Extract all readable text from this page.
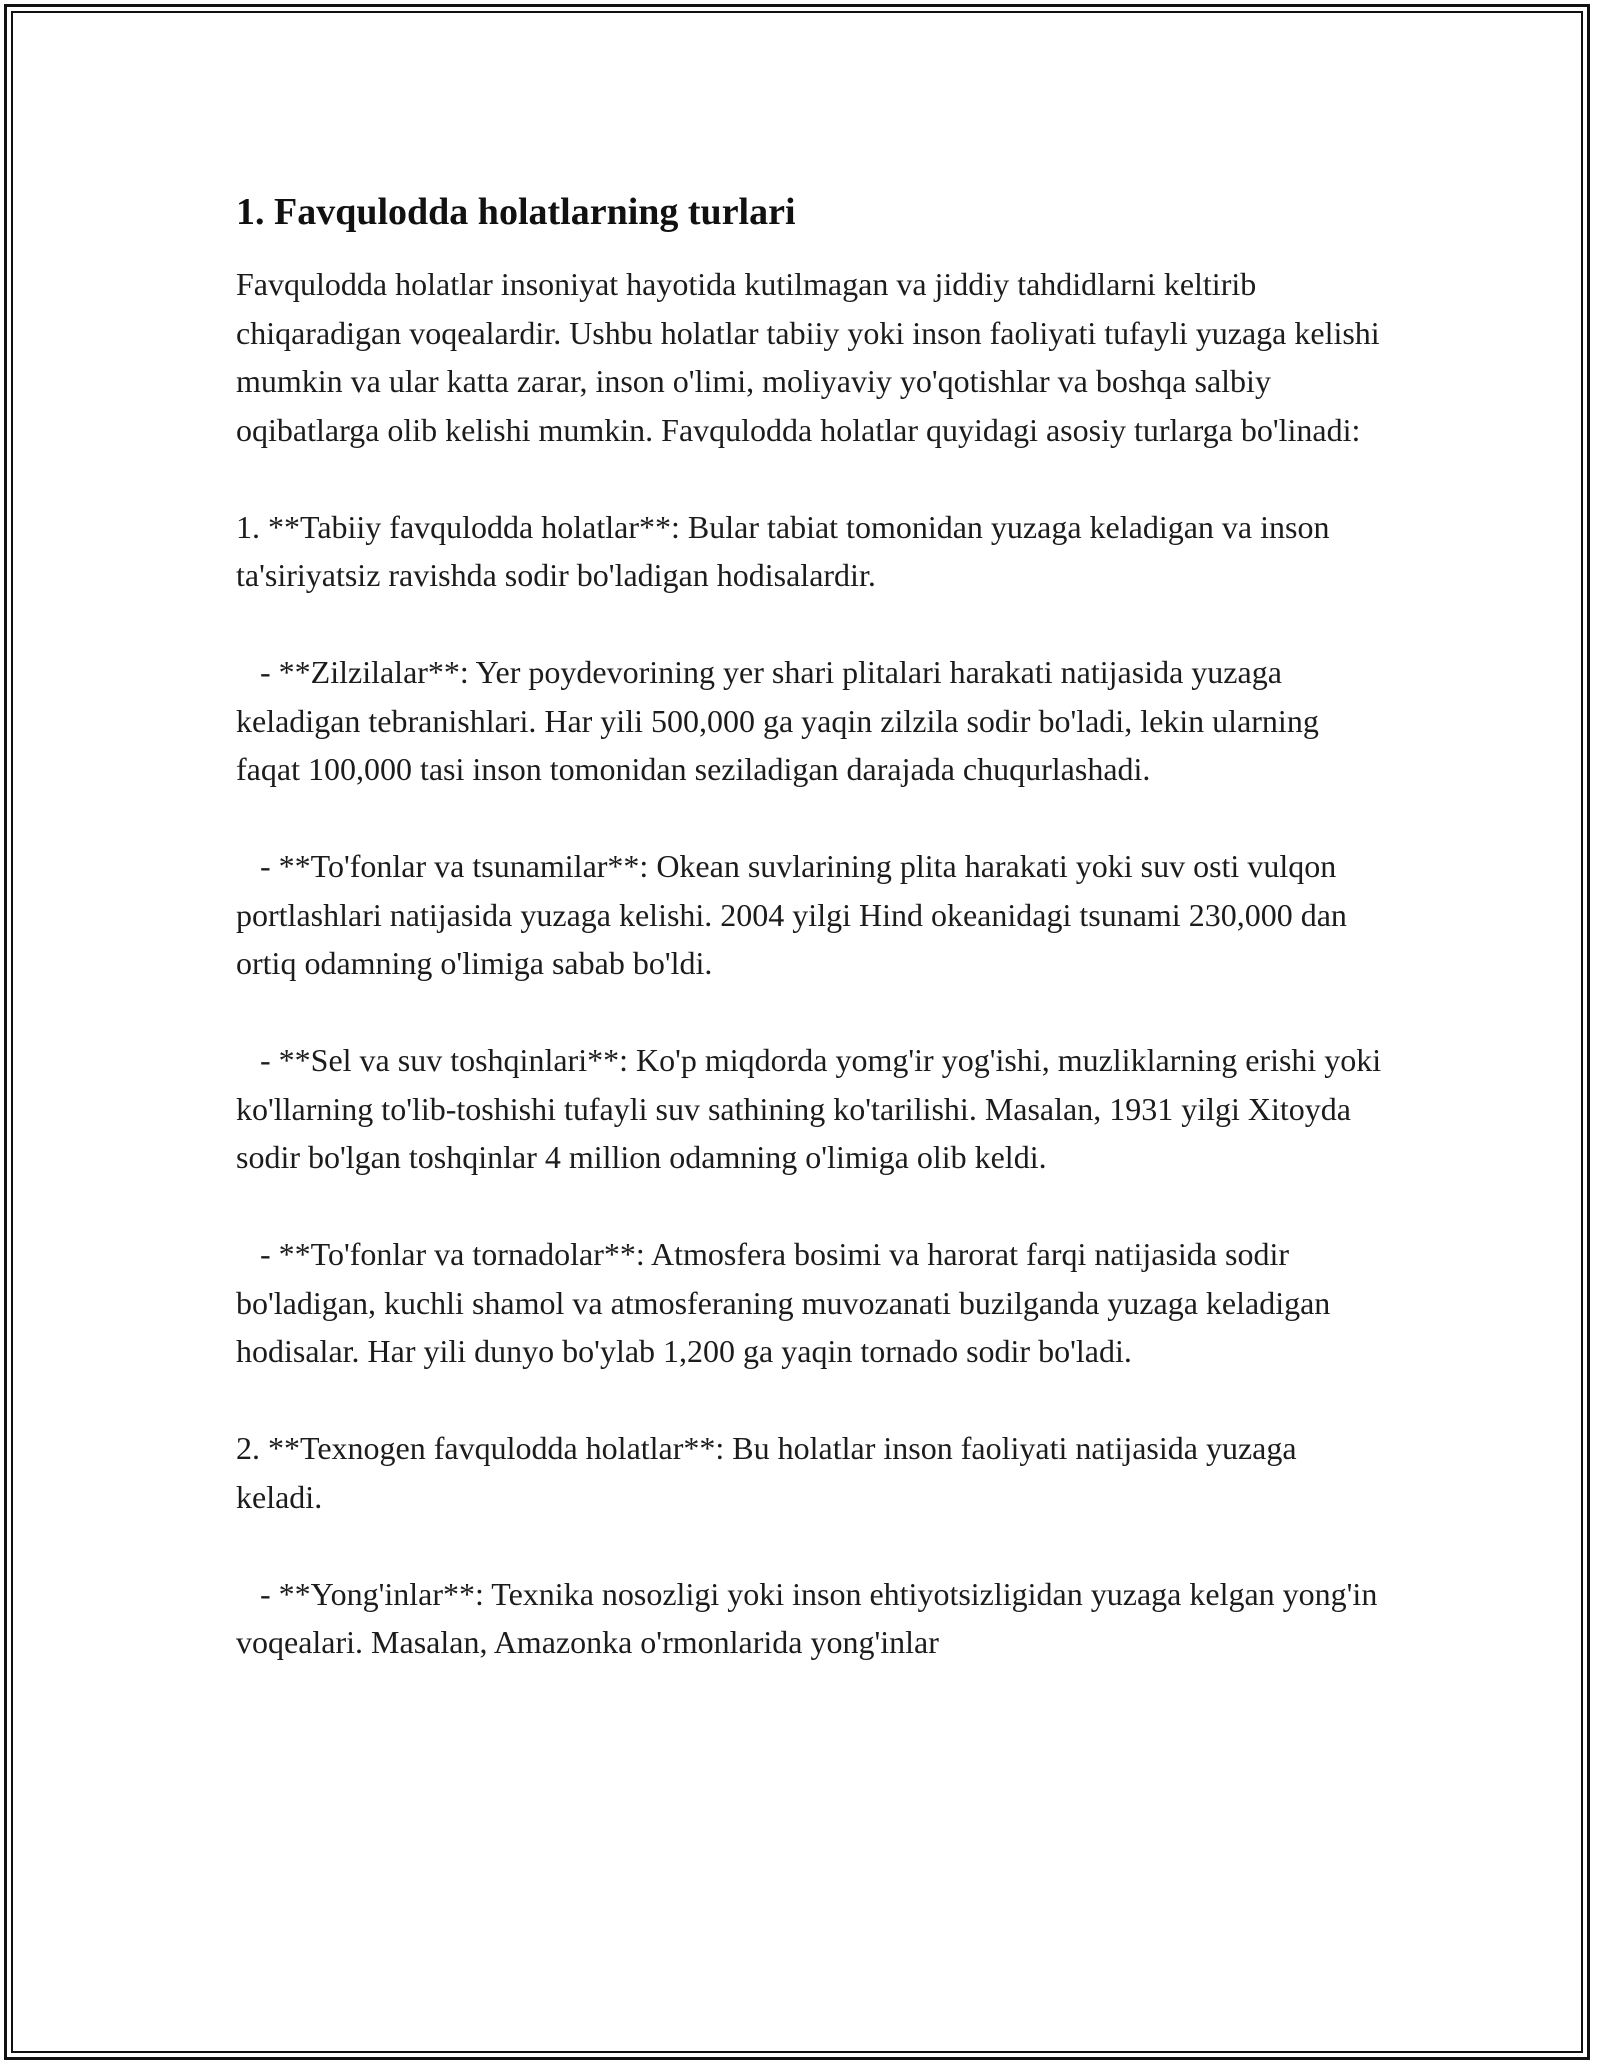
1. Favqulodda holatlarning turlari

Favqulodda holatlar insoniyat hayotida kutilmagan va jiddiy tahdidlarni keltirib chiqaradigan voqealardir. Ushbu holatlar tabiiy yoki inson faoliyati tufayli yuzaga kelishi mumkin va ular katta zarar, inson o'limi, moliyaviy yo'qotishlar va boshqa salbiy oqibatlarga olib kelishi mumkin. Favqulodda holatlar quyidagi asosiy turlarga bo'linadi:

1. **Tabiiy favqulodda holatlar**: Bular tabiat tomonidan yuzaga keladigan va inson ta'siriyatsiz ravishda sodir bo'ladigan hodisalardir.

- **Zilzilalar**: Yer poydevorining yer shari plitalari harakati natijasida yuzaga keladigan tebranishlari. Har yili 500,000 ga yaqin zilzila sodir bo'ladi, lekin ularning faqat 100,000 tasi inson tomonidan seziladigan darajada chuqurlashadi.

- **To'fonlar va tsunamilar**: Okean suvlarining plita harakati yoki suv osti vulqon portlashlari natijasida yuzaga kelishi. 2004 yilgi Hind okeanidagi tsunami 230,000 dan ortiq odamning o'limiga sabab bo'ldi.

- **Sel va suv toshqinlari**: Ko'p miqdorda yomg'ir yog'ishi, muzliklarning erishi yoki ko'llarning to'lib-toshishi tufayli suv sathining ko'tarilishi. Masalan, 1931 yilgi Xitoyda sodir bo'lgan toshqinlar 4 million odamning o'limiga olib keldi.

- **To'fonlar va tornadolar**: Atmosfera bosimi va harorat farqi natijasida sodir bo'ladigan, kuchli shamol va atmosferaning muvozanati buzilganda yuzaga keladigan hodisalar. Har yili dunyo bo'ylab 1,200 ga yaqin tornado sodir bo'ladi.

2. **Texnogen favqulodda holatlar**: Bu holatlar inson faoliyati natijasida yuzaga keladi.

- **Yong'inlar**: Texnika nosozligi yoki inson ehtiyotsizligidan yuzaga kelgan yong'in voqealari. Masalan, Amazonka o'rmonlarida yong'inlar
